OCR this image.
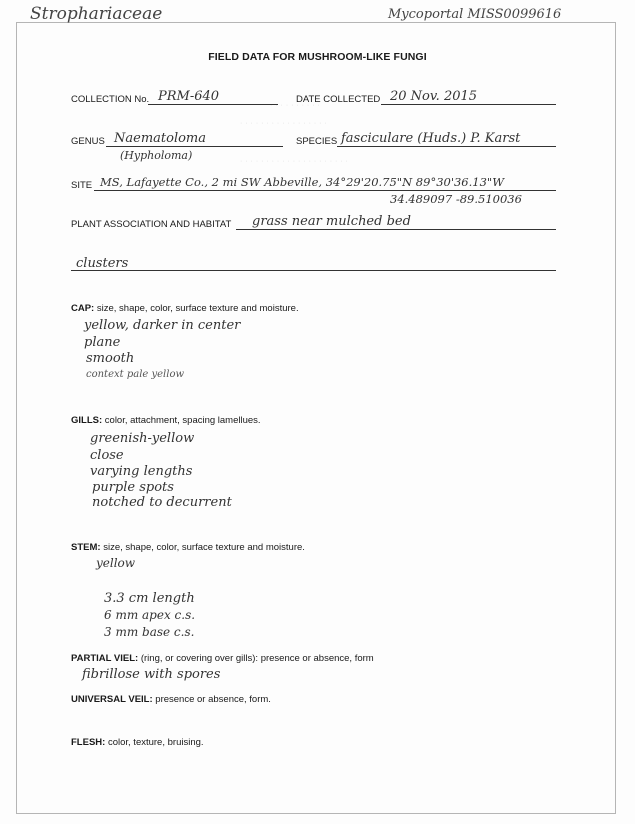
· · · · · · · · · ·
· · · · · · · · · · · · · · · · ·
· · · · · · · · · · · · · · · · · · · · ·
Strophariaceae	Mycoportal MISS0099616
FIELD DATA FOR MUSHROOM-LIKE FUNGI
COLLECTION No. PRM-640	DATE COLLECTED 20 Nov. 2015
GENUS Naematoloma
(Hypholoma)
SPECIES fasciculare (Huds.) P. Karst
SITE MS, Lafayette Co., 2 mi SW Abbeville, 34°29'20.75"N 89°30'36.13"W
34.489097 -89.510036
PLANT ASSOCIATION AND HABITAT grass near mulched bed
clusters
CAP: size, shape, color, surface texture and moisture.
yellow, darker in center
plane
smooth
context pale yellow
GILLS: color, attachment, spacing lamellues.
greenish-yellow
close
varying lengths
purple spots
notched to decurrent
STEM: size, shape, color, surface texture and moisture.
yellow
3.3 cm length
6 mm apex c.s.
3 mm base c.s.
PARTIAL VIEL: (ring, or covering over gills): presence or absence, form
fibrillose with spores
UNIVERSAL VEIL: presence or absence, form.
FLESH: color, texture, bruising.
